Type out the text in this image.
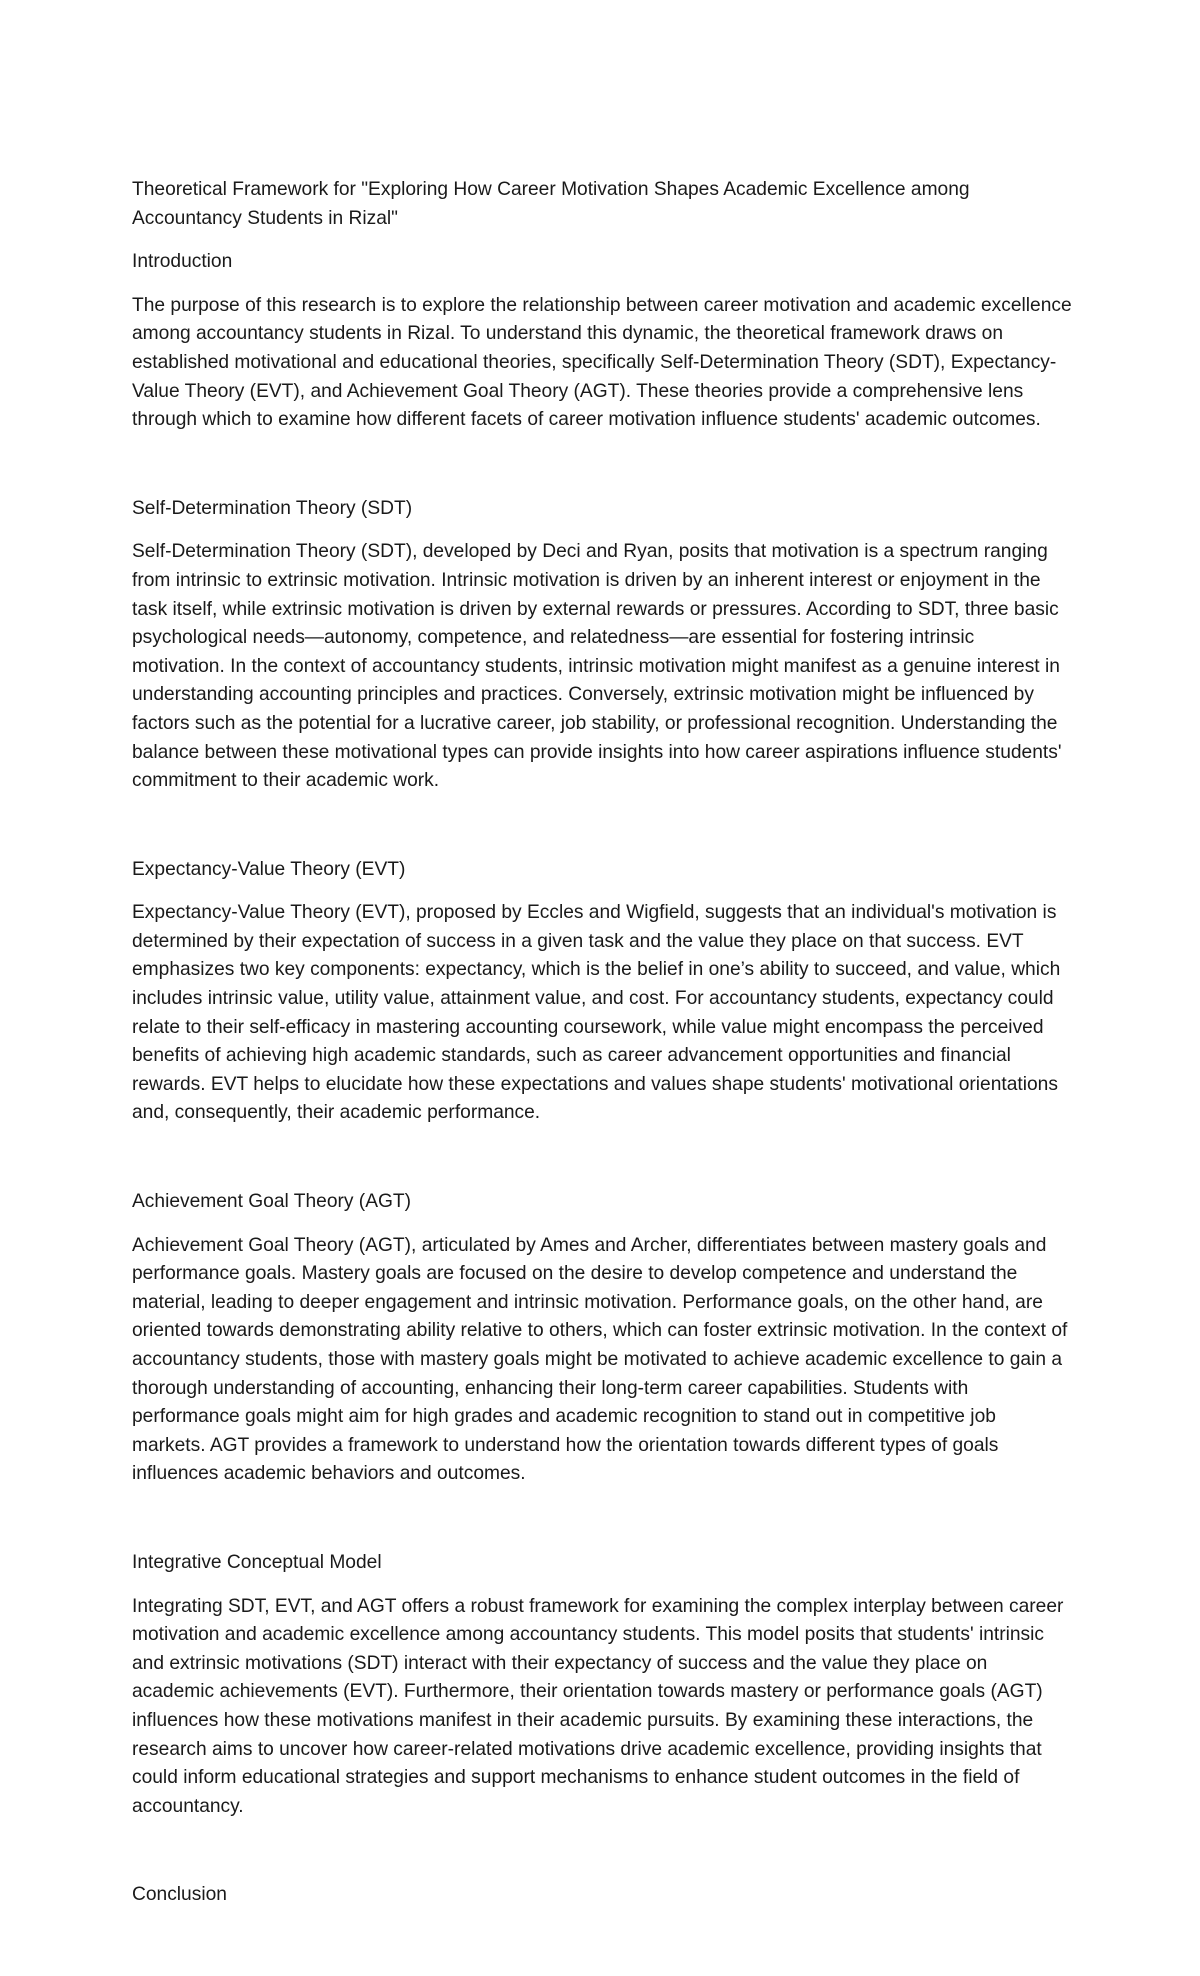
Theoretical Framework for "Exploring How Career Motivation Shapes Academic Excellence among Accountancy Students in Rizal"

Introduction

The purpose of this research is to explore the relationship between career motivation and academic excellence among accountancy students in Rizal. To understand this dynamic, the theoretical framework draws on established motivational and educational theories, specifically Self-Determination Theory (SDT), Expectancy-Value Theory (EVT), and Achievement Goal Theory (AGT). These theories provide a comprehensive lens through which to examine how different facets of career motivation influence students' academic outcomes.

Self-Determination Theory (SDT)

Self-Determination Theory (SDT), developed by Deci and Ryan, posits that motivation is a spectrum ranging from intrinsic to extrinsic motivation. Intrinsic motivation is driven by an inherent interest or enjoyment in the task itself, while extrinsic motivation is driven by external rewards or pressures. According to SDT, three basic psychological needs—autonomy, competence, and relatedness—are essential for fostering intrinsic motivation. In the context of accountancy students, intrinsic motivation might manifest as a genuine interest in understanding accounting principles and practices. Conversely, extrinsic motivation might be influenced by factors such as the potential for a lucrative career, job stability, or professional recognition. Understanding the balance between these motivational types can provide insights into how career aspirations influence students' commitment to their academic work.

Expectancy-Value Theory (EVT)

Expectancy-Value Theory (EVT), proposed by Eccles and Wigfield, suggests that an individual's motivation is determined by their expectation of success in a given task and the value they place on that success. EVT emphasizes two key components: expectancy, which is the belief in one’s ability to succeed, and value, which includes intrinsic value, utility value, attainment value, and cost. For accountancy students, expectancy could relate to their self-efficacy in mastering accounting coursework, while value might encompass the perceived benefits of achieving high academic standards, such as career advancement opportunities and financial rewards. EVT helps to elucidate how these expectations and values shape students' motivational orientations and, consequently, their academic performance.

Achievement Goal Theory (AGT)

Achievement Goal Theory (AGT), articulated by Ames and Archer, differentiates between mastery goals and performance goals. Mastery goals are focused on the desire to develop competence and understand the material, leading to deeper engagement and intrinsic motivation. Performance goals, on the other hand, are oriented towards demonstrating ability relative to others, which can foster extrinsic motivation. In the context of accountancy students, those with mastery goals might be motivated to achieve academic excellence to gain a thorough understanding of accounting, enhancing their long-term career capabilities. Students with performance goals might aim for high grades and academic recognition to stand out in competitive job markets. AGT provides a framework to understand how the orientation towards different types of goals influences academic behaviors and outcomes.

Integrative Conceptual Model

Integrating SDT, EVT, and AGT offers a robust framework for examining the complex interplay between career motivation and academic excellence among accountancy students. This model posits that students' intrinsic and extrinsic motivations (SDT) interact with their expectancy of success and the value they place on academic achievements (EVT). Furthermore, their orientation towards mastery or performance goals (AGT) influences how these motivations manifest in their academic pursuits. By examining these interactions, the research aims to uncover how career-related motivations drive academic excellence, providing insights that could inform educational strategies and support mechanisms to enhance student outcomes in the field of accountancy.

Conclusion
